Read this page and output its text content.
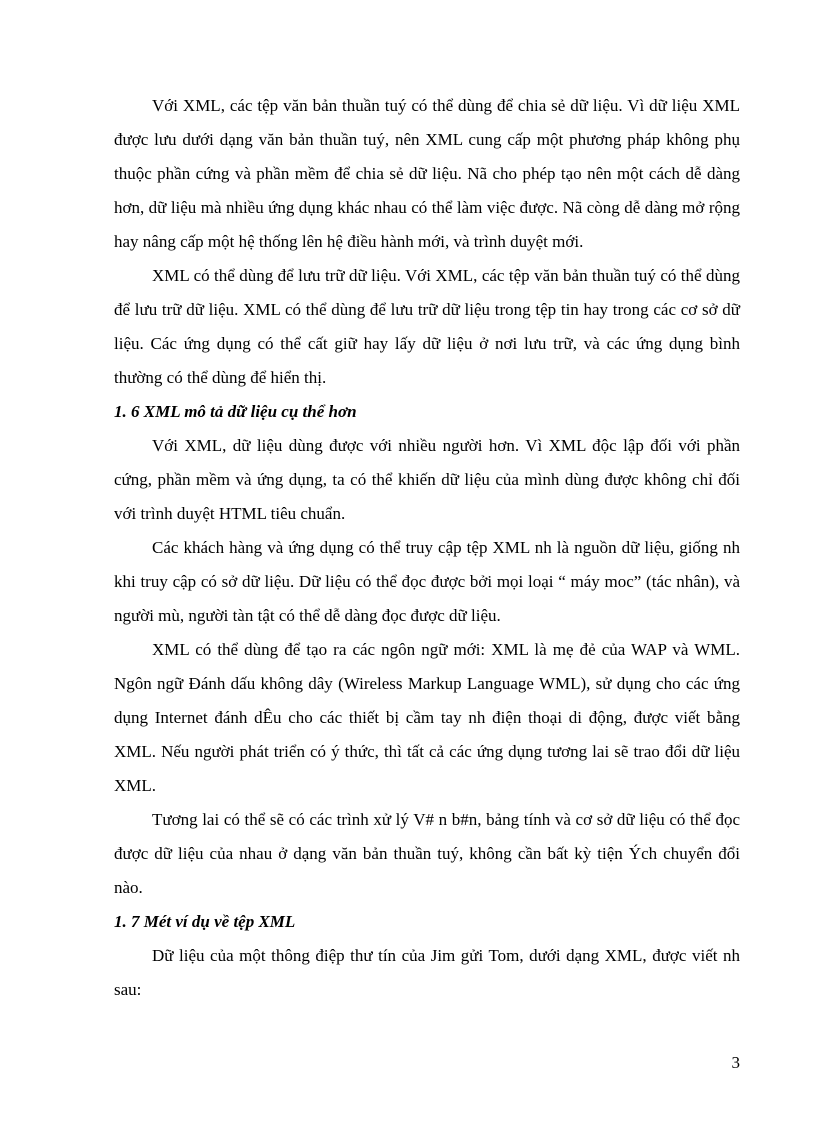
Với XML, các tệp văn bản thuần tuý có thể dùng để chia sẻ dữ liệu. Vì dữ liệu XML được lưu dưới dạng văn bản thuần tuý, nên XML cung cấp một phương pháp không phụ thuộc phần cứng và phần mềm để chia sẻ dữ liệu. Nã cho phép tạo nên một cách dễ dàng hơn, dữ liệu mà nhiều ứng dụng khác nhau có thể làm việc được. Nã còng dễ dàng mở rộng hay nâng cấp một hệ thống lên hệ điều hành mới, và trình duyệt mới.

XML có thể dùng để lưu trữ dữ liệu. Với XML, các tệp văn bản thuần tuý có thể dùng để lưu trữ dữ liệu. XML có thể dùng để lưu trữ dữ liệu trong tệp tin hay trong các cơ sở dữ liệu. Các ứng dụng có thể cất giữ hay lấy dữ liệu ở nơi lưu trữ, và các ứng dụng bình thường có thể dùng để hiển thị.

1. 6 XML mô tả dữ liệu cụ thể hơn

Với XML, dữ liệu dùng được với nhiều người hơn. Vì XML độc lập đối với phần cứng, phần mềm và ứng dụng, ta có thể khiến dữ liệu của mình dùng được không chỉ đối với trình duyệt HTML tiêu chuẩn.

Các khách hàng và ứng dụng có thể truy cập tệp XML nh là nguồn dữ liệu, giống nh khi truy cập có sở dữ liệu. Dữ liệu có thể đọc được bởi mọi loại “ máy moc” (tác nhân), và người mù, người tàn tật có thể dễ dàng đọc được dữ liệu.

XML có thể dùng để tạo ra các ngôn ngữ mới: XML là mẹ đẻ của WAP và WML. Ngôn ngữ Đánh dấu không dây (Wireless Markup Language WML), sử dụng cho các ứng dụng Internet đánh dÊu cho các thiết bị cầm tay nh điện thoại di động, được viết bằng XML. Nếu người phát triển có ý thức, thì tất cả các ứng dụng tương lai sẽ trao đổi dữ liệu XML.

Tương lai có thể sẽ có các trình xử lý V# n b#n, bảng tính và cơ sở dữ liệu có thể đọc được dữ liệu của nhau ở dạng văn bản thuần tuý, không cần bất kỳ tiện Ých chuyển đổi nào.

1. 7 Mét ví dụ về tệp XML

Dữ liệu của một thông điệp thư tín của Jim gửi Tom, dưới dạng XML, được viết nh sau:

3
